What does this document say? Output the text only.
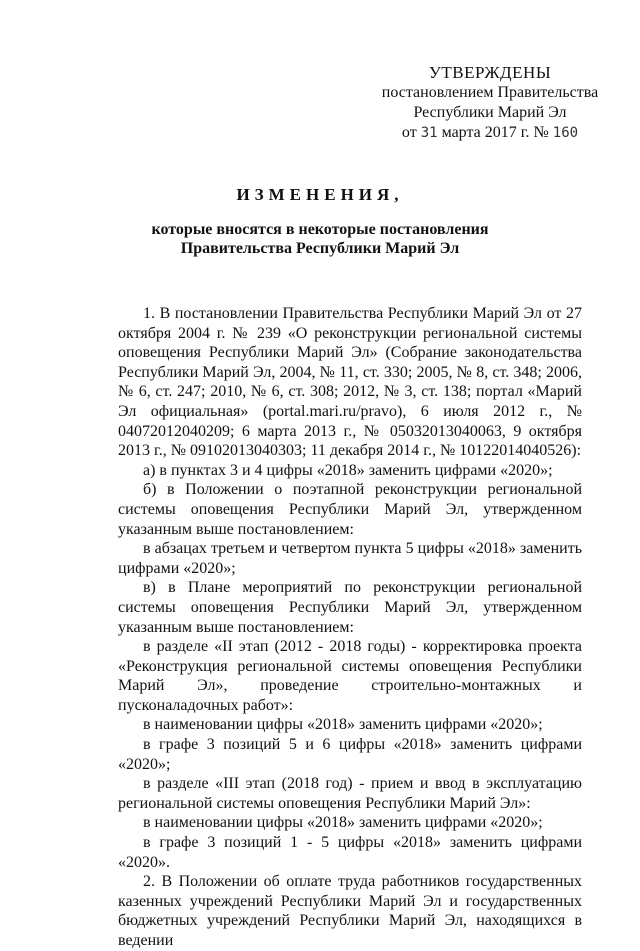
УТВЕРЖДЕНЫ
постановлением Правительства
Республики Марий Эл
от 31 марта 2017 г. № 160
ИЗМЕНЕНИЯ,
которые вносятся в некоторые постановления
Правительства Республики Марий Эл

1. В постановлении Правительства Республики Марий Эл от 27 октября 2004 г. № 239 «О реконструкции региональной системы оповещения Республики Марий Эл» (Собрание законодательства Республики Марий Эл, 2004, № 11, ст. 330; 2005, № 8, ст. 348; 2006, № 6, ст. 247; 2010, № 6, ст. 308; 2012, № 3, ст. 138; портал «Марий Эл официальная» (portal.mari.ru/pravo), 6 июля 2012 г., № 04072012040209; 6 марта 2013 г., № 05032013040063, 9 октября 2013 г., № 09102013040303; 11 декабря 2014 г., № 10122014040526):

а) в пунктах 3 и 4 цифры «2018» заменить цифрами «2020»;

б) в Положении о поэтапной реконструкции региональной системы оповещения Республики Марий Эл, утвержденном указанным выше постановлением:

в абзацах третьем и четвертом пункта 5 цифры «2018» заменить цифрами «2020»;

в) в Плане мероприятий по реконструкции региональной системы оповещения Республики Марий Эл, утвержденном указанным выше постановлением:

в разделе «II этап (2012 - 2018 годы) - корректировка проекта «Реконструкция региональной системы оповещения Республики Марий Эл», проведение строительно-монтажных и пусконаладочных работ»:

в наименовании цифры «2018» заменить цифрами «2020»;

в графе 3 позиций 5 и 6 цифры «2018» заменить цифрами «2020»;

в разделе «III этап (2018 год) - прием и ввод в эксплуатацию региональной системы оповещения Республики Марий Эл»:

в наименовании цифры «2018» заменить цифрами «2020»;

в графе 3 позиций 1 - 5 цифры «2018» заменить цифрами «2020».

2. В Положении об оплате труда работников государственных казенных учреждений Республики Марий Эл и государственных бюджетных учреждений Республики Марий Эл, находящихся в ведении
